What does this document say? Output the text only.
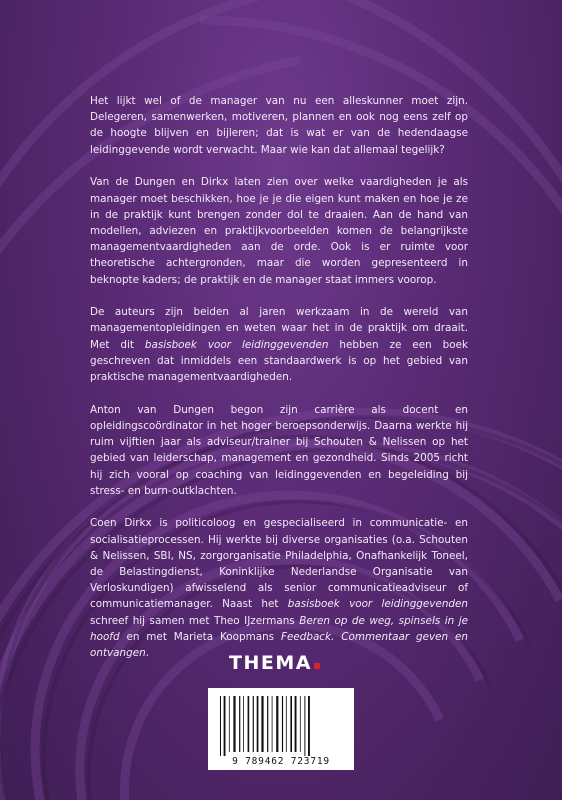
Het lijkt wel of de manager van nu een alleskunner moet zijn. Delegeren, samenwerken, motiveren, plannen en ook nog eens zelf op de hoogte blijven en bijleren; dat is wat er van de hedendaagse leidinggevende wordt verwacht. Maar wie kan dat allemaal tegelijk?

Van de Dungen en Dirkx laten zien over welke vaardigheden je als manager moet beschikken, hoe je je die eigen kunt maken en hoe je ze in de praktijk kunt brengen zonder dol te draaien. Aan de hand van modellen, adviezen en praktijkvoorbeelden komen de belangrijkste managementvaardigheden aan de orde. Ook is er ruimte voor theoretische achtergronden, maar die worden gepresenteerd in beknopte kaders; de praktijk en de manager staat immers voorop.

De auteurs zijn beiden al jaren werkzaam in de wereld van managementopleidingen en weten waar het in de praktijk om draait. Met dit basisboek voor leidinggevenden hebben ze een boek geschreven dat inmiddels een standaardwerk is op het gebied van praktische managementvaardigheden.

Anton van Dungen begon zijn carrière als docent en opleidingscoördinator in het hoger beroepsonderwijs. Daarna werkte hij ruim vijftien jaar als adviseur/trainer bij Schouten & Nelissen op het gebied van leiderschap, management en gezondheid. Sinds 2005 richt hij zich vooral op coaching van leidinggevenden en begeleiding bij stress- en burn-outklachten.

Coen Dirkx is politicoloog en gespecialiseerd in communicatie- en socialisatieprocessen. Hij werkte bij diverse organisaties (o.a. Schouten & Nelissen, SBI, NS, zorgorganisatie Philadelphia, Onafhankelijk Toneel, de Belastingdienst, Koninklijke Nederlandse Organisatie van Verloskundigen) afwisselend als senior communicatieadviseur of communicatiemanager. Naast het basisboek voor leidinggevenden schreef hij samen met Theo IJzermans Beren op de weg, spinsels in je hoofd en met Marieta Koopmans Feedback. Commentaar geven en ontvangen.	THEMA
9 789462 723719
